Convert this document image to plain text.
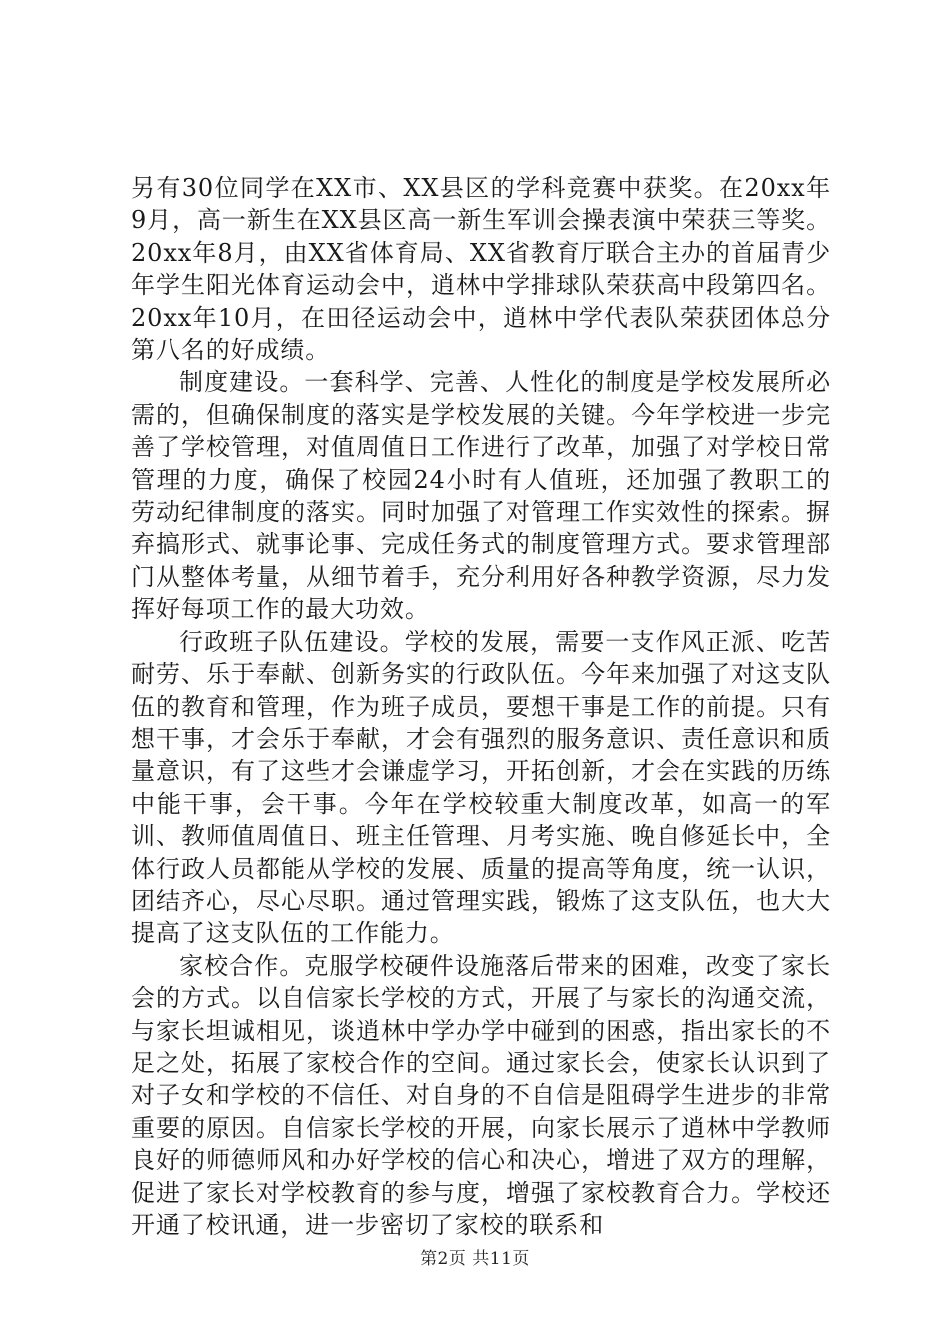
另有30位同学在XX市、XX县区的学科竞赛中获奖。在20xx年9月，高一新生在XX县区高一新生军训会操表演中荣获三等奖。20xx年8月，由XX省体育局、XX省教育厅联合主办的首届青少年学生阳光体育运动会中，逍林中学排球队荣获高中段第四名。20xx年10月，在田径运动会中，逍林中学代表队荣获团体总分第八名的好成绩。

制度建设。一套科学、完善、人性化的制度是学校发展所必需的，但确保制度的落实是学校发展的关键。今年学校进一步完善了学校管理，对值周值日工作进行了改革，加强了对学校日常管理的力度，确保了校园24小时有人值班，还加强了教职工的劳动纪律制度的落实。同时加强了对管理工作实效性的探索。摒弃搞形式、就事论事、完成任务式的制度管理方式。要求管理部门从整体考量，从细节着手，充分利用好各种教学资源，尽力发挥好每项工作的最大功效。

行政班子队伍建设。学校的发展，需要一支作风正派、吃苦耐劳、乐于奉献、创新务实的行政队伍。今年来加强了对这支队伍的教育和管理，作为班子成员，要想干事是工作的前提。只有想干事，才会乐于奉献，才会有强烈的服务意识、责任意识和质量意识，有了这些才会谦虚学习，开拓创新，才会在实践的历练中能干事，会干事。今年在学校较重大制度改革，如高一的军训、教师值周值日、班主任管理、月考实施、晚自修延长中，全体行政人员都能从学校的发展、质量的提高等角度，统一认识，团结齐心，尽心尽职。通过管理实践，锻炼了这支队伍，也大大提高了这支队伍的工作能力。

家校合作。克服学校硬件设施落后带来的困难，改变了家长会的方式。以自信家长学校的方式，开展了与家长的沟通交流，与家长坦诚相见，谈逍林中学办学中碰到的困惑，指出家长的不足之处，拓展了家校合作的空间。通过家长会，使家长认识到了对子女和学校的不信任、对自身的不自信是阻碍学生进步的非常重要的原因。自信家长学校的开展，向家长展示了逍林中学教师良好的师德师风和办好学校的信心和决心，增进了双方的理解，促进了家长对学校教育的参与度，增强了家校教育合力。学校还开通了校讯通，进一步密切了家校的联系和

第2页 共11页
